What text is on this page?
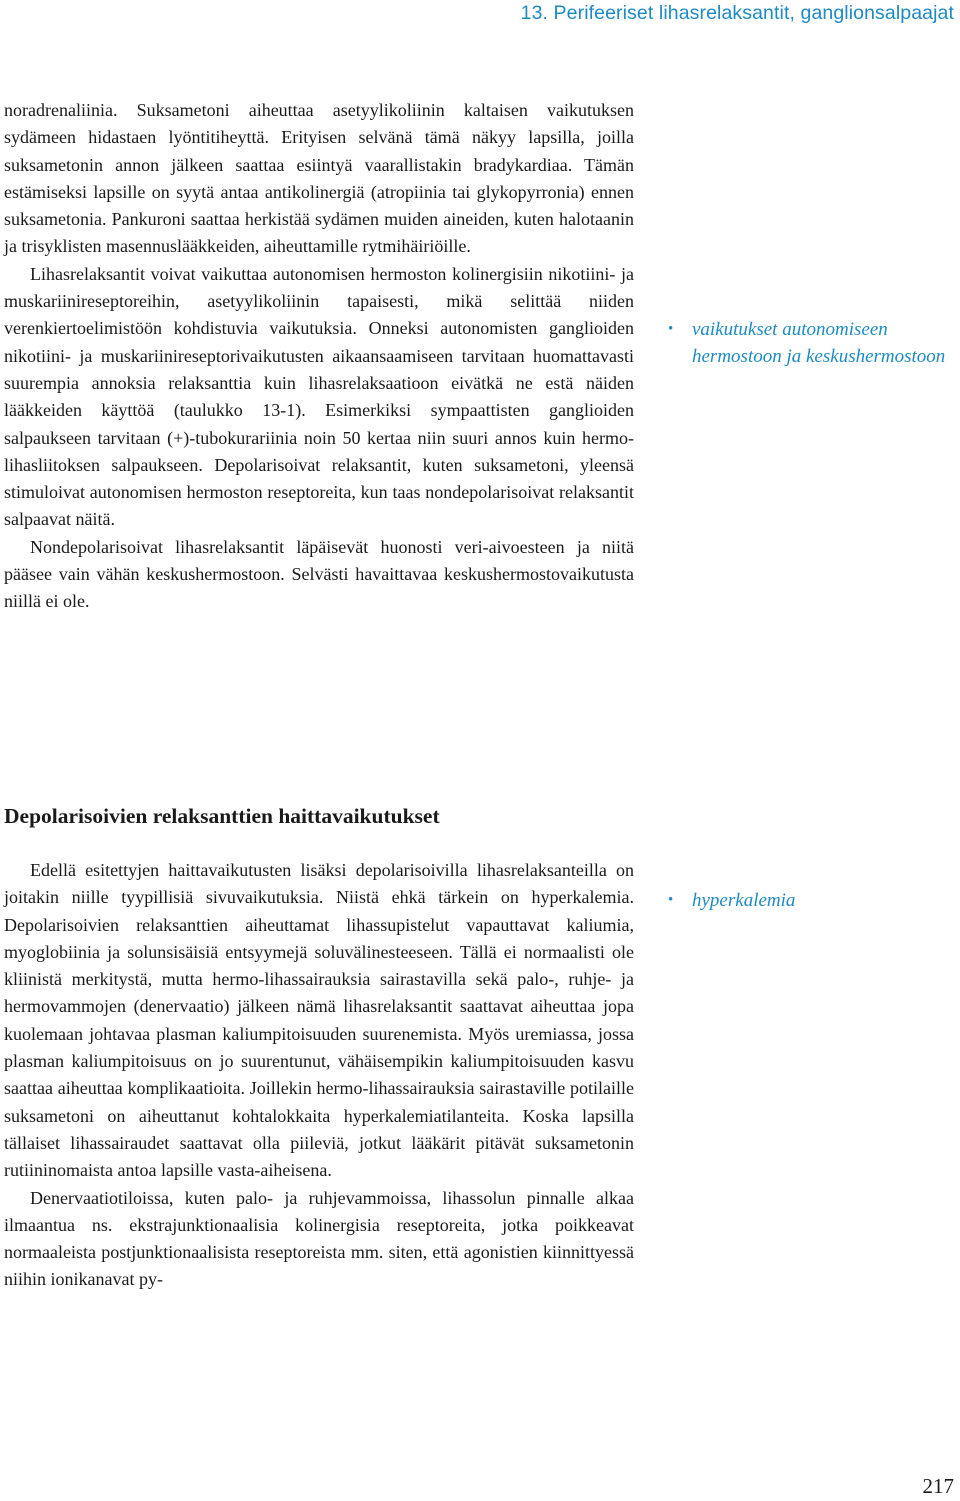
13. Perifeeriset lihasrelaksantit, ganglionsalpaajat

noradrenaliinia. Suksametoni aiheuttaa asetyylikoliinin kaltaisen vaikutuksen sydämeen hidastaen lyöntitiheyttä. Erityisen selvänä tämä näkyy lapsilla, joilla suksametonin annon jälkeen saattaa esiintyä vaarallistakin bradykardiaa. Tämän estämiseksi lapsille on syytä antaa antikolinergiä (atropiinia tai glykopyrronia) ennen suksametonia. Pankuroni saattaa herkistää sydämen muiden aineiden, kuten halotaanin ja trisyklisten masennuslääkkeiden, aiheuttamille rytmihäiriöille.

Lihasrelaksantit voivat vaikuttaa autonomisen hermoston kolinergisiin nikotiini- ja muskariinireseptoreihin, asetyylikoliinin tapaisesti, mikä selittää niiden verenkiertoelimistöön kohdistuvia vaikutuksia. Onneksi autonomisten ganglioiden nikotiini- ja muskariinireseptorivaikutusten aikaansaamiseen tarvitaan huomattavasti suurempia annoksia relaksanttia kuin lihasrelaksaatioon eivätkä ne estä näiden lääkkeiden käyttöä (taulukko 13-1). Esimerkiksi sympaattisten ganglioiden salpaukseen tarvitaan (+)-tubokurariinia noin 50 kertaa niin suuri annos kuin hermo-lihasliitoksen salpaukseen. Depolarisoivat relaksantit, kuten suksametoni, yleensä stimuloivat autonomisen hermoston reseptoreita, kun taas nondepolarisoivat relaksantit salpaavat näitä.

Nondepolarisoivat lihasrelaksantit läpäisevät huonosti veri-aivoesteen ja niitä pääsee vain vähän keskushermostoon. Selvästi havaittavaa keskushermostovaikutusta niillä ei ole.

• vaikutukset autonomiseen hermostoon ja keskushermostoon
Depolarisoivien relaksanttien haittavaikutukset

Edellä esitettyjen haittavaikutusten lisäksi depolarisoivilla lihasrelaksanteilla on joitakin niille tyypillisiä sivuvaikutuksia. Niistä ehkä tärkein on hyperkalemia. Depolarisoivien relaksanttien aiheuttamat lihassupistelut vapauttavat kaliumia, myoglobiinia ja solunsisäisiä entsyymejä soluvälinesteeseen. Tällä ei normaalisti ole kliinistä merkitystä, mutta hermo-lihassairauksia sairastavilla sekä palo-, ruhje- ja hermovammojen (denervaatio) jälkeen nämä lihasrelaksantit saattavat aiheuttaa jopa kuolemaan johtavaa plasman kaliumpitoisuuden suurenemista. Myös uremiassa, jossa plasman kaliumpitoisuus on jo suurentunut, vähäisempikin kaliumpitoisuuden kasvu saattaa aiheuttaa komplikaatioita. Joillekin hermo-lihassairauksia sairastaville potilaille suksametoni on aiheuttanut kohtalokkaita hyperkalemiatilanteita. Koska lapsilla tällaiset lihassairaudet saattavat olla piileviä, jotkut lääkärit pitävät suksametonin rutiininomaista antoa lapsille vasta-aiheisena.

Denervaatiotiloissa, kuten palo- ja ruhjevammoissa, lihassolun pinnalle alkaa ilmaantua ns. ekstrajunktionaalisia kolinergisia reseptoreita, jotka poikkeavat normaaleista postjunktionaalisista reseptoreista mm. siten, että agonistien kiinnittyessä niihin ionikanavat py-

• hyperkalemia
217
